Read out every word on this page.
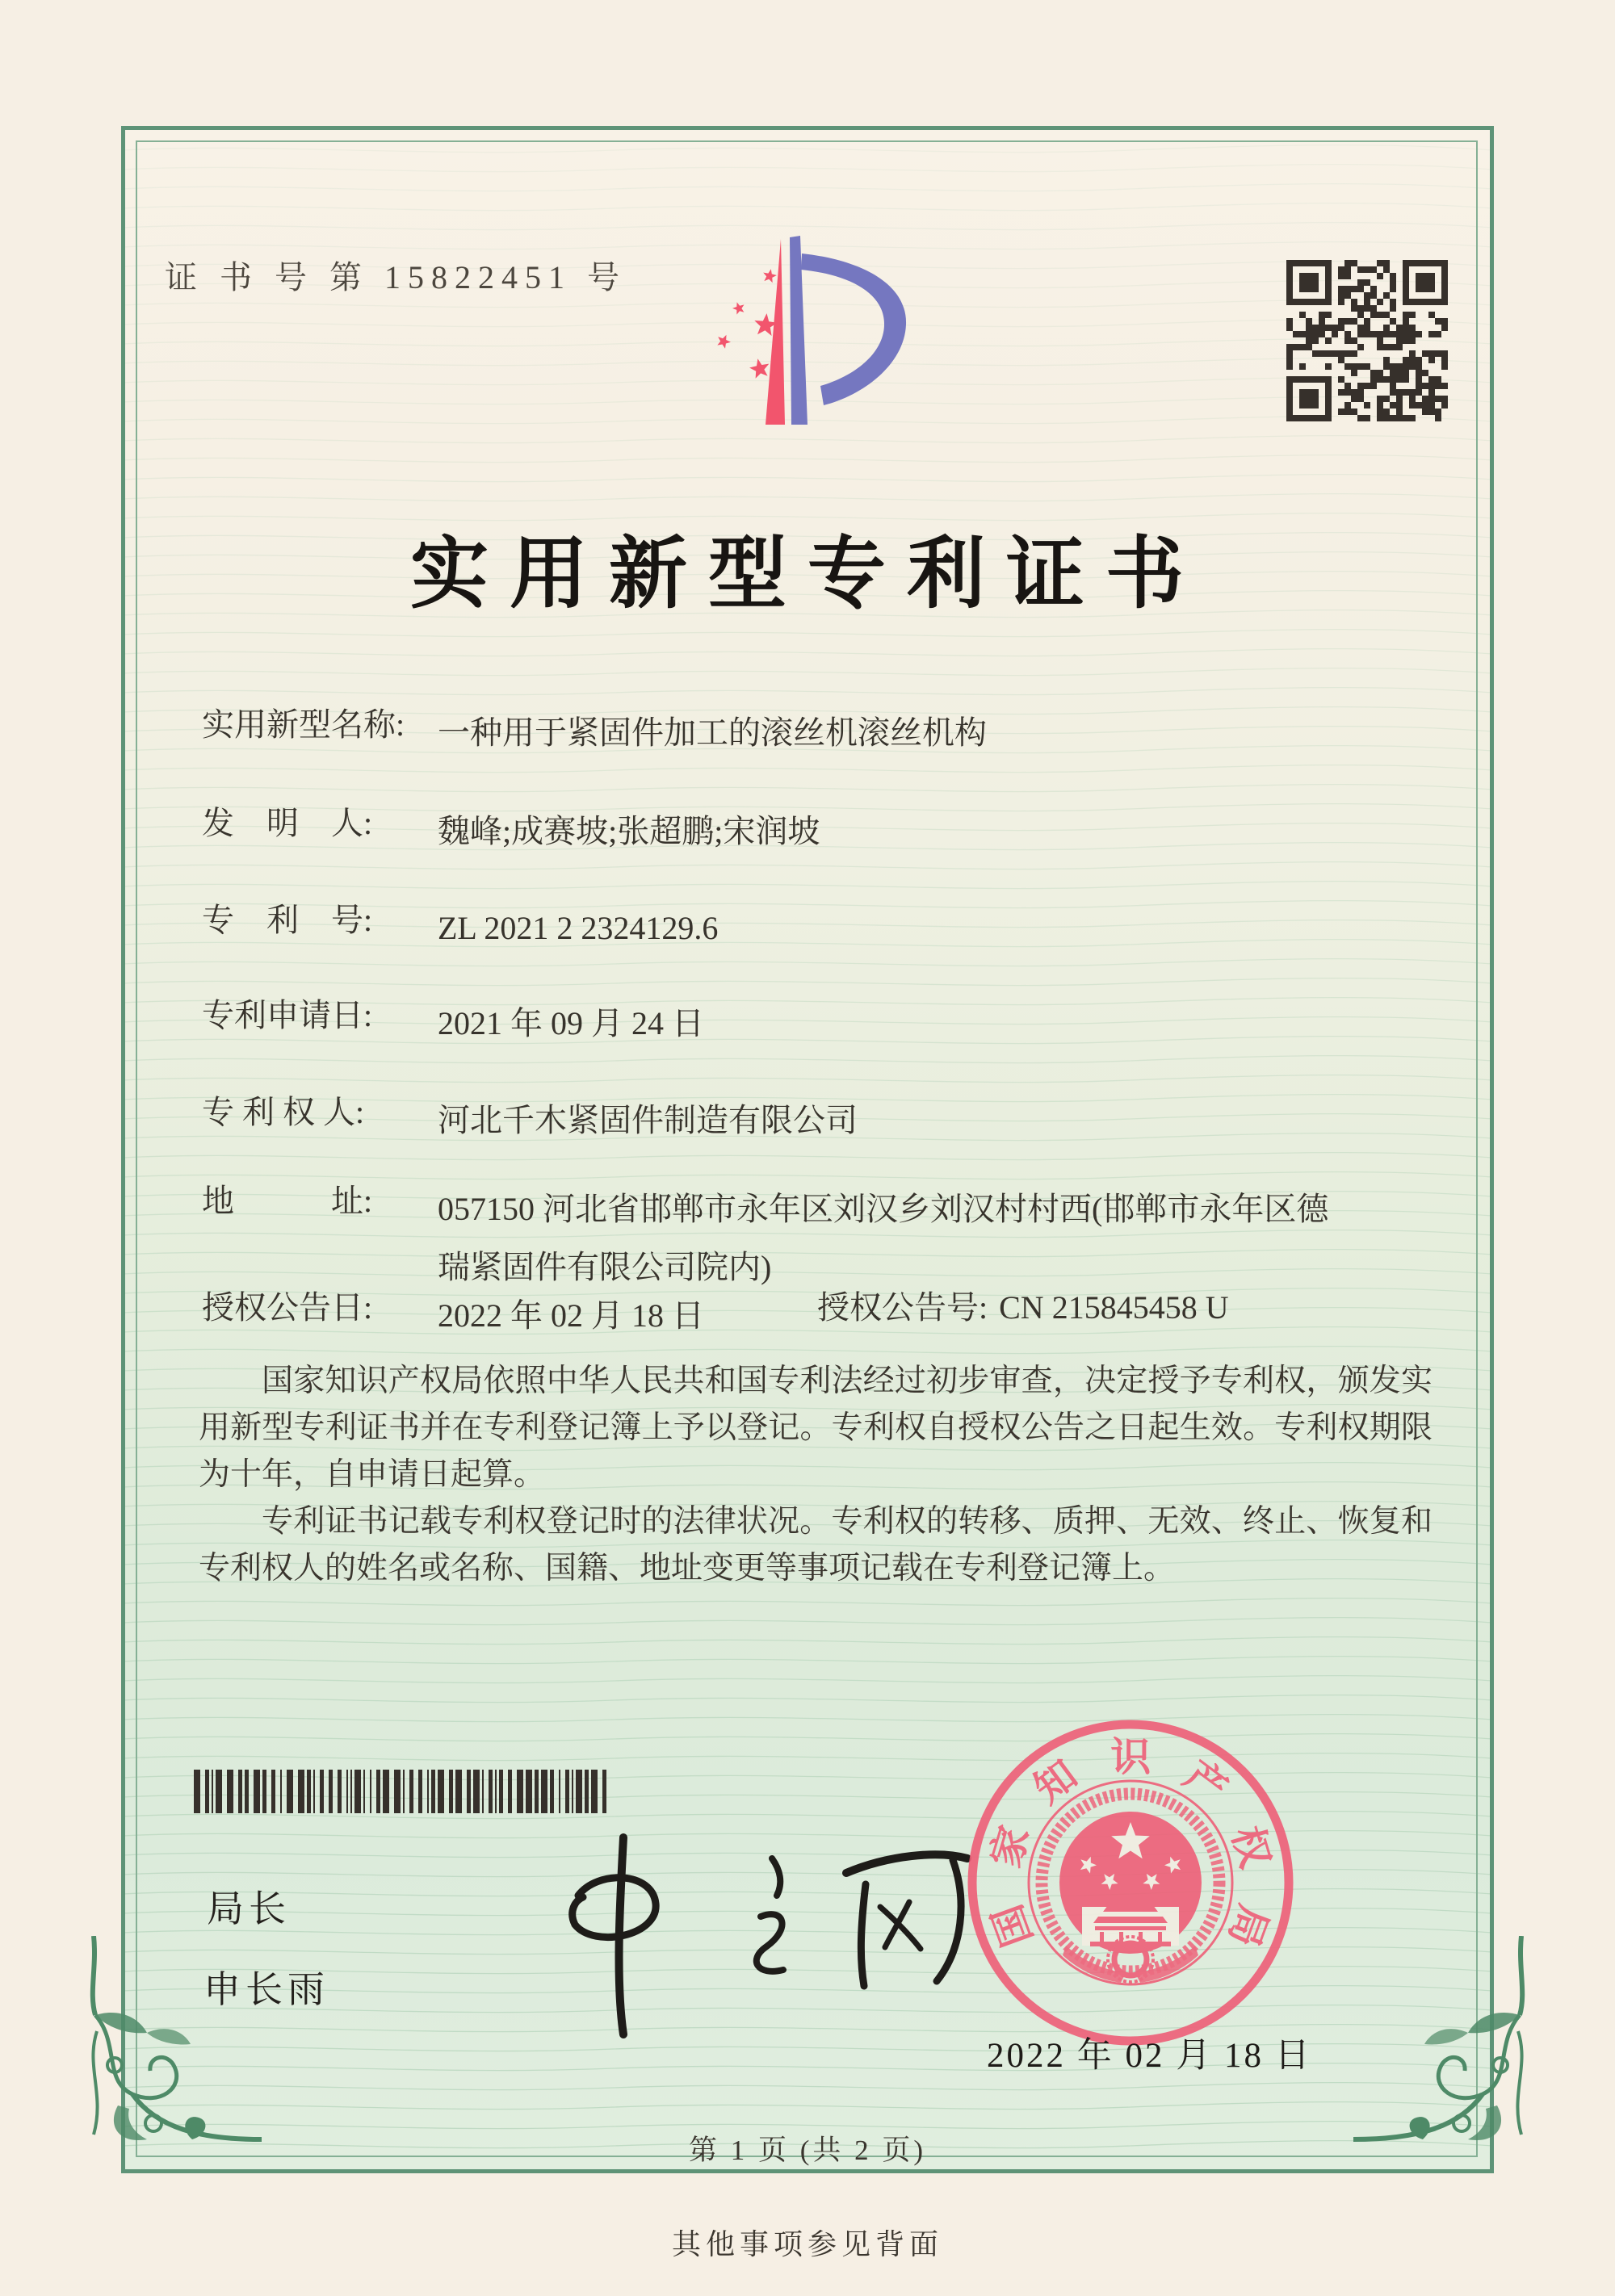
证 书 号 第 15822451 号
实用新型专利证书
实用新型名称:	一种用于紧固件加工的滚丝机滚丝机构
发　明　人:	魏峰;成赛坡;张超鹏;宋润坡
专　利　号:	ZL 2021 2 2324129.6
专利申请日:	2021 年 09 月 24 日
专 利 权 人:	河北千木紧固件制造有限公司
地　　　址:	057150 河北省邯郸市永年区刘汉乡刘汉村村西(邯郸市永年区德瑞紧固件有限公司院内)
授权公告日:	2022 年 02 月 18 日	授权公告号: CN 215845458 U

国家知识产权局依照中华人民共和国专利法经过初步审查，决定授予专利权，颁发实用新型专利证书并在专利登记簿上予以登记。专利权自授权公告之日起生效。专利权期限为十年，自申请日起算。

专利证书记载专利权登记时的法律状况。专利权的转移、质押、无效、终止、恢复和专利权人的姓名或名称、国籍、地址变更等事项记载在专利登记簿上。

局长
申长雨
国
家
知 识 产
权
局
2022 年 02 月 18 日
第 1 页 (共 2 页)
其他事项参见背面
